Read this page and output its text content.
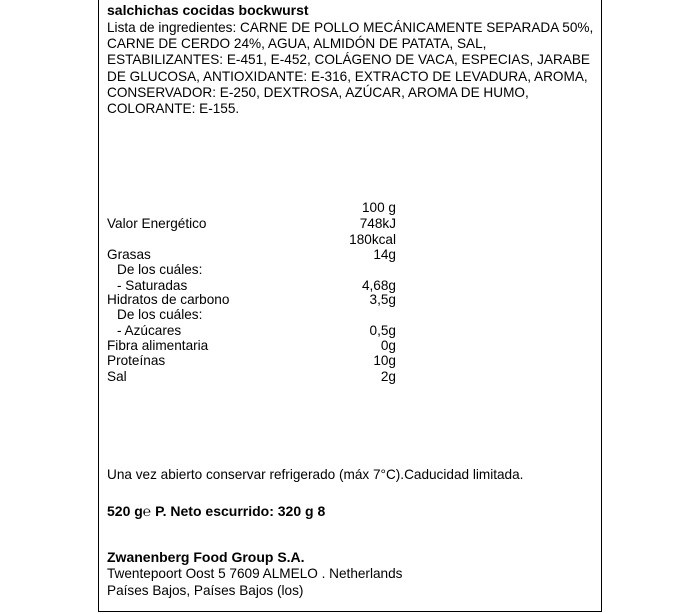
salchichas cocidas bockwurst
Lista de ingredientes: CARNE DE POLLO MECÁNICAMENTE SEPARADA 50%,
CARNE DE CERDO 24%, AGUA, ALMIDÓN DE PATATA, SAL,
ESTABILIZANTES: E-451, E-452, COLÁGENO DE VACA, ESPECIAS, JARABE
DE GLUCOSA, ANTIOXIDANTE: E-316, EXTRACTO DE LEVADURA, AROMA,
CONSERVADOR: E-250, DEXTROSA, AZÚCAR, AROMA DE HUMO,
COLORANTE: E-155.
100 g
Valor Energético	748kJ
180kcal
Grasas	14g
De los cuáles:
- Saturadas	4,68g
Hidratos de carbono	3,5g
De los cuáles:
- Azúcares	0,5g
Fibra alimentaria	0g
Proteínas	10g
Sal	2g
Una vez abierto conservar refrigerado (máx 7°C).Caducidad limitada.
520 g℮ P. Neto escurrido: 320 g 8
Zwanenberg Food Group S.A.
Twentepoort Oost 5 7609 ALMELO . Netherlands
Países Bajos, Países Bajos (los)
